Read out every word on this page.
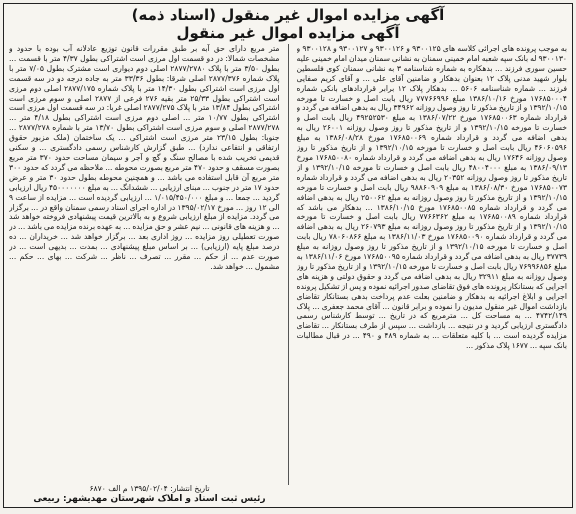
آگهی مزایده اموال غیر منقول (اسناد ذمه)
آگهی مزایده اموال غیر منقول
به موجب پرونده های اجرائی کلاسه های ۹۳۰۰۱۲۵ و ۹۳۰۰۱۲۶ و ۹۳۰۰۱۲۷ و ۹۳۰۰۱۲۸ و ۹۳۰۰۱۳۰ له بانک سپه شعبه امام خمینی سمنان به نشانی سمنان میدان امام خمینی علیه حسین سوری فرزند ... بدهکاره به شماره شناسنامه ۳ به نشانی سمنان کوی فلسطین بلوار شهید مدنی پلاک ۱۲ بعنوان بدهکار و ضامنین آقای علی ... و آقای کریم صفایی فرزند ... شماره شناسنامه ۵۶۰۶ ... بدهکار پلاک ۱۲ برابر قراردادهای بانکی شماره ۱۷۶۸۵۰۰۰۴ مورخ ۱۳۸۶/۱۰/۱۶ مبلغ ۷۷۷۶۶۹۹۶ ریال بابت اصل و خسارت تا مورخه ۱۳۹۲/۱۰/۱۵ و از تاریخ مذکور تا روز وصول روزانه ۳۴۹۶۲ ریال به بدهی اضافه می گردد و قرارداد شماره ۱۷۶۸۵۰۰۶۳ مورخ ۱۳۸۶/۰۷/۲۲ به مبلغ ۴۹۲۵۲۵۳۰ ریال بابت اصل و خسارت تا مورخه ۱۳۹۲/۱۰/۱۵ و از تاریخ مذکور تا روز وصول روزانه ۲۶۰۰۱ ریال به بدهی اضافه می گردد و قرارداد شماره ۱۷۶۸۵۰۰۶۹ مورخ ۱۳۸۶/۰۸/۲۸ به مبلغ ۴۶۰۶۰۵۹۶ ریال بابت اصل و خسارت تا مورخه ۱۳۹۲/۱۰/۱۵ و از تاریخ مذکور تا روز وصول روزانه ۱۷۶۴۶ ریال به بدهی اضافه می گردد و قرارداد شماره ۱۷۶۸۵۰۰۸۰ مورخ ۱۳۸۶/۰۹/۱۳ به مبلغ ۴۸۰۰۴۰۰۰ ریال بابت اصل و خسارت تا مورخه ۱۳۹۲/۱۰/۱۵ و از تاریخ مذکور تا روز وصول روزانه ۲۰۳۵۲ ریال به بدهی اضافه می گردد و قرارداد شماره ۱۷۶۸۵۰۰۷۳ مورخ ۱۳۸۶/۰۸/۳۰ به مبلغ ۹۸۸۶۰۹۰۹ ریال بابت اصل و خسارت تا مورخه ۱۳۹۲/۱۰/۱۵ و از تاریخ مذکور تا روز وصول روزانه به مبلغ ۲۵۰۰۶۲ ریال به بدهی اضافه می گردد و قرارداد شماره ۱۷۶۸۵۰۰۸۵ مورخ ۱۳۸۶/۱۰/۱۵ ... بدهکار می باشد که قرارداد شماره ۱۷۶۸۵۰۰۸۹ به مبلغ ۷۷۶۶۳۶۲ ریال بابت اصل و خسارت تا مورخه ۱۳۹۲/۱۰/۱۵ و از تاریخ مذکور تا روز وصول روزانه به مبلغ ۲۶۰۷۹۳ ریال به بدهی اضافه می گردد و قرارداد شماره ۱۷۶۸۵۰۰۹۰ مورخ ۱۳۸۶/۱۱/۰۳ به مبلغ ۷۸۰۶۰۸۶۶ ریال بابت اصل و خسارت تا مورخه ۱۳۹۲/۱۰/۱۵ و از تاریخ مذکور تا روز وصول روزانه به مبلغ ۳۷۷۳۹ ریال به بدهی اضافه می گردد و قرارداد شماره ۱۷۶۸۵۰۰۹۵ مورخ ۱۳۸۶/۱۱/۰۶ به مبلغ ۷۶۹۹۶۸۵۶ ریال بابت اصل و خسارت تا مورخه ۱۳۹۲/۱۰/۱۵ و از تاریخ مذکور تا روز وصول روزانه به مبلغ ۳۲۹۱۱ ریال به بدهی اضافه می گردد و حقوق دولتی و هزینه های اجرایی که بستانکار پرونده های فوق تقاضای صدور اجرائیه نموده و پس از تشکیل پرونده اجرایی و ابلاغ اجرائیه به بدهکار و ضامنین بعلت عدم پرداخت بدهی بستانکار تقاضای بازداشت اموال غیر منقول مدیون را نموده و برابر قانون ... آقای محمد جعفری ... پلاک ۴۷۴۲/۱۴۹ ... به مساحت کل ... مترمربع که در تاریخ ... توسط کارشناس رسمی دادگستری ارزیابی گردید و در نتیجه ... بازداشت ... سپس از طرف بستانکار ... تقاضای مزایده گردیده است ... با کلیه متعلقات ... به شماره ۴۸۹ و ۴۹۰ ... در قبال مطالبات بانک سپه ... ۱۶۷۷ پلاک مذکور ...
متر مربع دارای حق آبه بر طبق مقررات قانون توزیع عادلانه آب بوده با حدود و مشخصات شمالا: در دو قسمت اول مرزی است اشتراکی بطول ۴/۳۷ متر با قسمت ... بطول ۳/۵۰ متر با پلاک ۲۸۷۷/۲۷۸۰ اصلی دوم دیواری است مشترک بطول ۷/۰۵ متر با پلاک شماره ۲۸۷۷/۳۷۶ اصلی شرقا: بطول ۳۳/۳۶ متر به جاده درجه دو در سه قسمت اول مرزی است اشتراکی بطول ۱۴/۳۰ متر با پلاک شماره ۲۸۷۷/۱۷۵ اصلی دوم مرزی است اشتراکی بطول ۲۵/۳۳ متر بقیه ۲۷۶ فرعی از ۲۸۷۷ اصلی و سوم مرزی است اشتراکی بطول ۱۳/۸۴ متر با پلاک ۲۸۷۷/۲۷۵ اصلی غربا: در سه قسمت اول مرزی است اشتراکی بطول ۱۰/۷۷ متر ... اصلی دوم مرزی است اشتراکی بطول ۴/۱۸ متر ... ۲۸۷۷/۲۷۸ اصلی و سوم مرزی است اشتراکی بطول ۱۳/۷۰ متر با شماره ۲۸۷۷/۲۷۸ ... جنوبا: بطول ۲۳/۱۵ متر مرزی است اشتراکی ... یک ساختمان (ملک مزبور حقوق ارتفاقی و انتفاعی ندارد) ... طبق گزارش کارشناس رسمی دادگستری ... و سکنی قدیمی تخریب شده با مصالح سنگ و گچ و آجر و سیمان مساحت حدود ۳۷۰ متر مربع بصورت مسقف و حدود ۴۷۰ متر مربع بصورت محوطه ... ملاحظه می گردد که حدود ۳۰۰ متر مربع آن قابل استفاده می باشد ... و همچنین محوطه بطول حدود ۳۰ متر و عرض حدود ۱۷ متر در جنوب ... مبنای ارزیابی ... ششدانگ ... به مبلغ ۴۵۰۰۰۰۰۰۰ ریال ارزیابی گردید ... جمعا ... و مبلغ ۱/۰۱۵/۴۵۰/۰۰۰ ... ارزیابی گردیده است ... مزایده از ساعت ۹ الی ۱۲ روز ... مورخ ۱۳۹۵/۰۲/۱۷ در اداره اجرای اسناد رسمی سمنان واقع در ... برگزار می گردد. مزایده از مبلغ ارزیابی شروع و به بالاترین قیمت پیشنهادی فروخته خواهد شد ... و هزینه های قانونی ... نیم عشر و حق مزایده ... به عهده برنده مزایده می باشد ... در صورت تعطیلی روز مزایده ... روز اداری بعد ... برگزار خواهد شد ... خریداران ... ده درصد مبلغ پایه (ارزیابی) ... بر اساس مبلغ پیشنهادی ... بمدت ... بدیهی است ... در صورت عدم ... از حکم ... مقرر ... تصرف ... ناظر ... شرکت ... بهای ... حکم ... مشمول ... خواهد شد.
تاریخ انتشار: ۱۳۹۵/۰۲/۰۴ م الف ۶۸۷۰
رئیس ثبت اسناد و املاک شهرستان مهدیشهر: ربیعی
